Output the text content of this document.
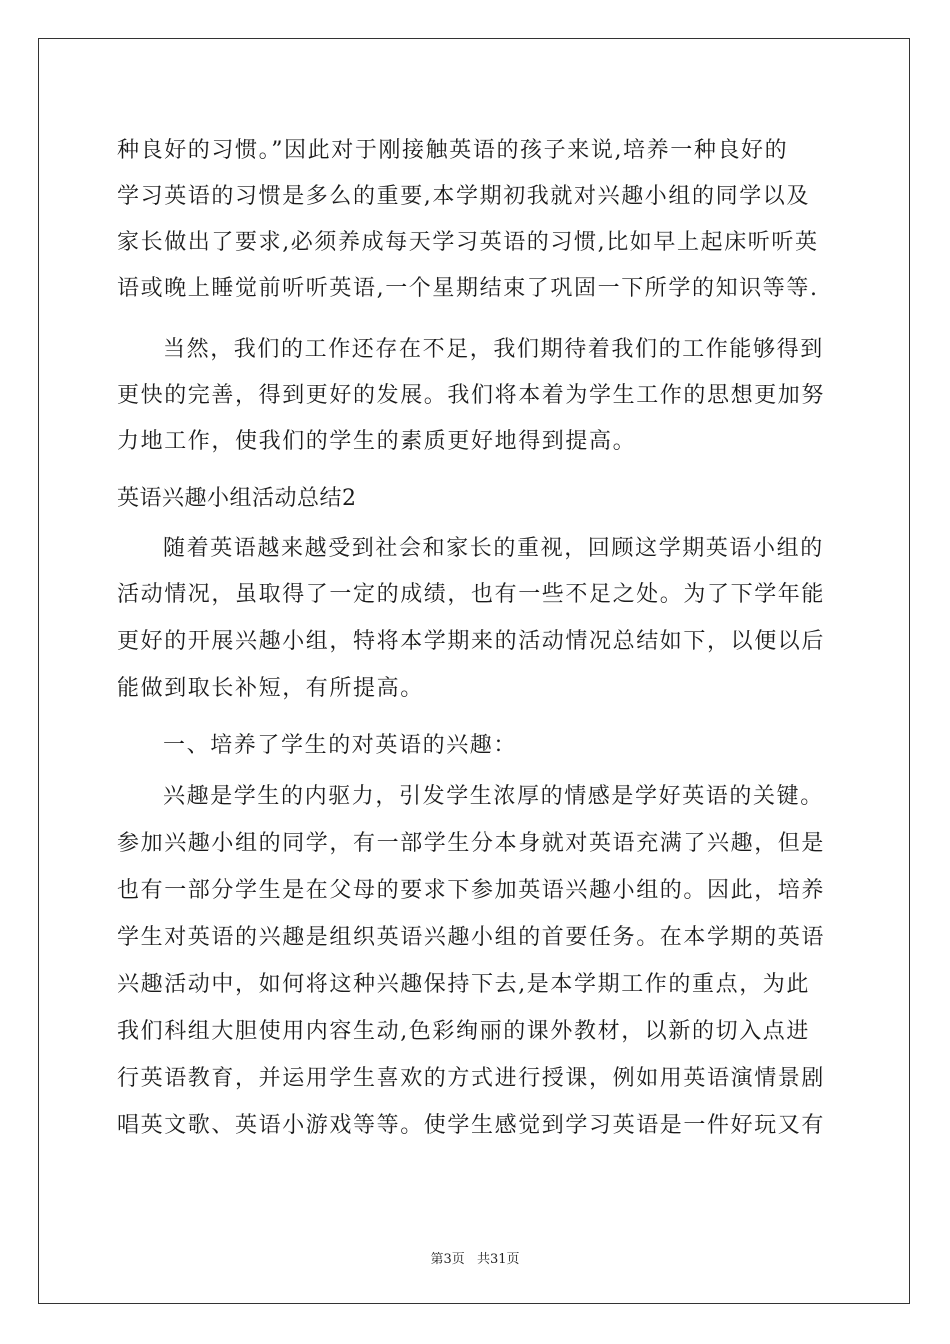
种良好的习惯。”因此对于刚接触英语的孩子来说,培养一种良好的
学习英语的习惯是多么的重要,本学期初我就对兴趣小组的同学以及
家长做出了要求,必须养成每天学习英语的习惯,比如早上起床听听英
语或晚上睡觉前听听英语,一个星期结束了巩固一下所学的知识等等.
当然，我们的工作还存在不足，我们期待着我们的工作能够得到
更快的完善，得到更好的发展。我们将本着为学生工作的思想更加努
力地工作，使我们的学生的素质更好地得到提高。
英语兴趣小组活动总结2
随着英语越来越受到社会和家长的重视，回顾这学期英语小组的
活动情况，虽取得了一定的成绩，也有一些不足之处。为了下学年能
更好的开展兴趣小组，特将本学期来的活动情况总结如下，以便以后
能做到取长补短，有所提高。
一、培养了学生的对英语的兴趣：
兴趣是学生的内驱力，引发学生浓厚的情感是学好英语的关键。
参加兴趣小组的同学，有一部学生分本身就对英语充满了兴趣，但是
也有一部分学生是在父母的要求下参加英语兴趣小组的。因此，培养
学生对英语的兴趣是组织英语兴趣小组的首要任务。在本学期的英语
兴趣活动中，如何将这种兴趣保持下去,是本学期工作的重点，为此
我们科组大胆使用内容生动,色彩绚丽的课外教材，以新的切入点进
行英语教育，并运用学生喜欢的方式进行授课，例如用英语演情景剧
唱英文歌、英语小游戏等等。使学生感觉到学习英语是一件好玩又有
第3页 共31页
